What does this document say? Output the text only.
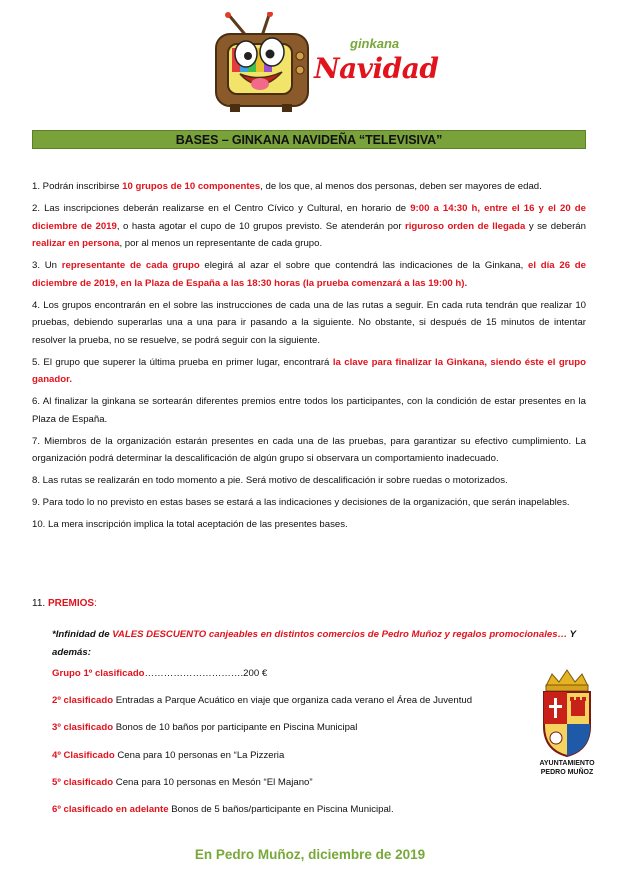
ginkana
Navidad
BASES – GINKANA NAVIDEÑA “TELEVISIVA”

1. Podrán inscribirse 10 grupos de 10 componentes, de los que, al menos dos personas, deben ser mayores de edad.

2. Las inscripciones deberán realizarse en el Centro Cívico y Cultural, en horario de 9:00 a 14:30 h, entre el 16 y el 20 de diciembre de 2019, o hasta agotar el cupo de 10 grupos previsto. Se atenderán por riguroso orden de llegada y se deberán realizar en persona, por al menos un representante de cada grupo.

3. Un representante de cada grupo elegirá al azar el sobre que contendrá las indicaciones de la Ginkana, el día 26 de diciembre de 2019, en la Plaza de España a las 18:30 horas (la prueba comenzará a las 19:00 h).

4. Los grupos encontrarán en el sobre las instrucciones de cada una de las rutas a seguir. En cada ruta tendrán que realizar 10 pruebas, debiendo superarlas una a una para ir pasando a la siguiente. No obstante, si después de 15 minutos de intentar resolver la prueba, no se resuelve, se podrá seguir con la siguiente.

5. El grupo que superer la última prueba en primer lugar, encontrará la clave para finalizar la Ginkana, siendo éste el grupo ganador.

6. Al finalizar la ginkana se sortearán diferentes premios entre todos los participantes, con la condición de estar presentes en la Plaza de España.

7. Miembros de la organización estarán presentes en cada una de las pruebas, para garantizar su efectivo cumplimiento. La organización podrá determinar la descalificación de algún grupo si observara un comportamiento inadecuado.

8. Las rutas se realizarán en todo momento a pie. Será motivo de descalificación ir sobre ruedas o motorizados.

9. Para todo lo no previsto en estas bases se estará a las indicaciones y decisiones de la organización, que serán inapelables.

10. La mera inscripción implica la total aceptación de las presentes bases.

11. PREMIOS:
*Infinidad de VALES DESCUENTO canjeables en distintos comercios de Pedro Muñoz y regalos promocionales… Y además:
Grupo 1º clasificado………………………….200 €
2º clasificado Entradas a Parque Acuático en viaje que organiza cada verano el Área de Juventud
3º clasificado Bonos de 10 baños por participante en Piscina Municipal
4º Clasificado Cena para 10 personas en “La Pizzeria
5º clasificado Cena para 10 personas en Mesón “El Majano”
6º clasificado en adelante Bonos de 5 baños/participante en Piscina Municipal.
AYUNTAMIENTO
PEDRO MUÑOZ
En Pedro Muñoz, diciembre de 2019
